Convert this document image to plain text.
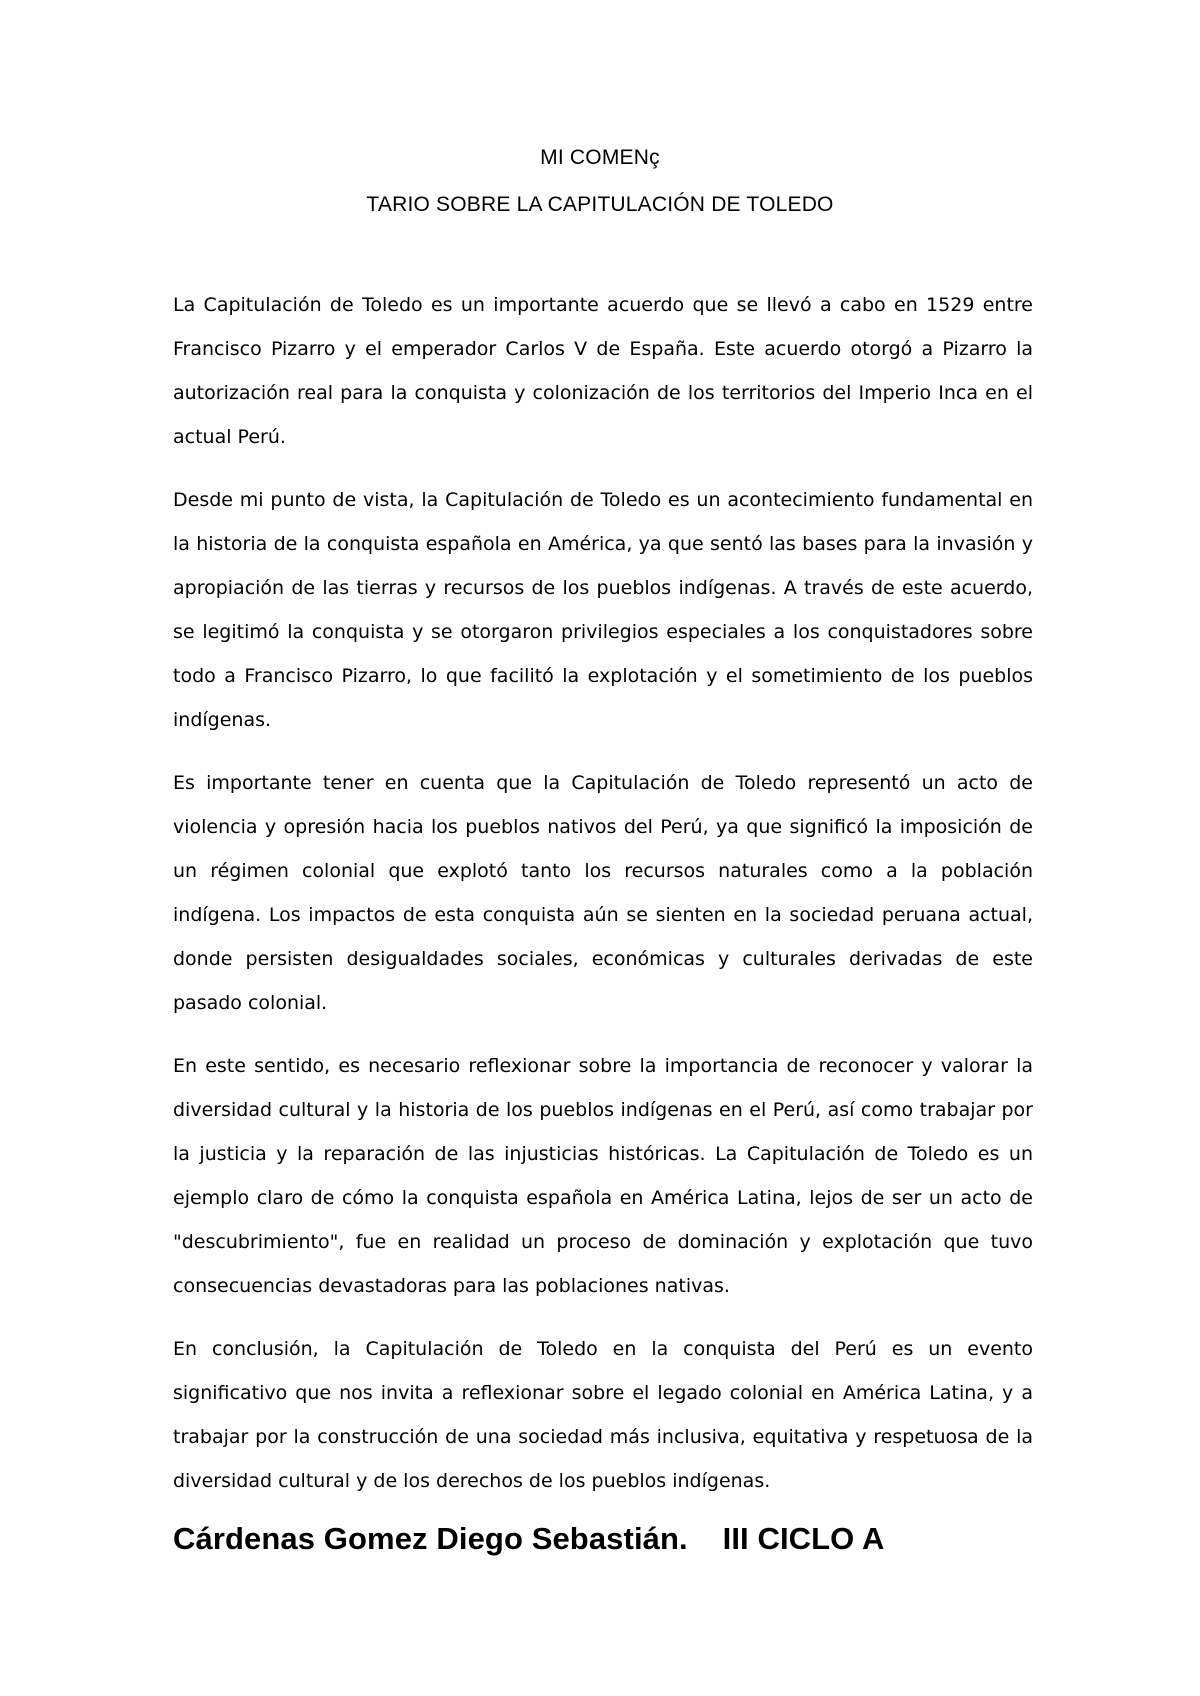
MI COMENç
TARIO SOBRE LA CAPITULACIÓN DE TOLEDO

La Capitulación de Toledo es un importante acuerdo que se llevó a cabo en 1529 entre Francisco Pizarro y el emperador Carlos V de España. Este acuerdo otorgó a Pizarro la autorización real para la conquista y colonización de los territorios del Imperio Inca en el actual Perú.

Desde mi punto de vista, la Capitulación de Toledo es un acontecimiento fundamental en la historia de la conquista española en América, ya que sentó las bases para la invasión y apropiación de las tierras y recursos de los pueblos indígenas. A través de este acuerdo, se legitimó la conquista y se otorgaron privilegios especiales a los conquistadores sobre todo a Francisco Pizarro, lo que facilitó la explotación y el sometimiento de los pueblos indígenas.

Es importante tener en cuenta que la Capitulación de Toledo representó un acto de violencia y opresión hacia los pueblos nativos del Perú, ya que significó la imposición de un régimen colonial que explotó tanto los recursos naturales como a la población indígena. Los impactos de esta conquista aún se sienten en la sociedad peruana actual, donde persisten desigualdades sociales, económicas y culturales derivadas de este pasado colonial.

En este sentido, es necesario reflexionar sobre la importancia de reconocer y valorar la diversidad cultural y la historia de los pueblos indígenas en el Perú, así como trabajar por la justicia y la reparación de las injusticias históricas. La Capitulación de Toledo es un ejemplo claro de cómo la conquista española en América Latina, lejos de ser un acto de "descubrimiento", fue en realidad un proceso de dominación y explotación que tuvo consecuencias devastadoras para las poblaciones nativas.

En conclusión, la Capitulación de Toledo en la conquista del Perú es un evento significativo que nos invita a reflexionar sobre el legado colonial en América Latina, y a trabajar por la construcción de una sociedad más inclusiva, equitativa y respetuosa de la diversidad cultural y de los derechos de los pueblos indígenas.

Cárdenas Gomez Diego Sebastián.    III CICLO A
